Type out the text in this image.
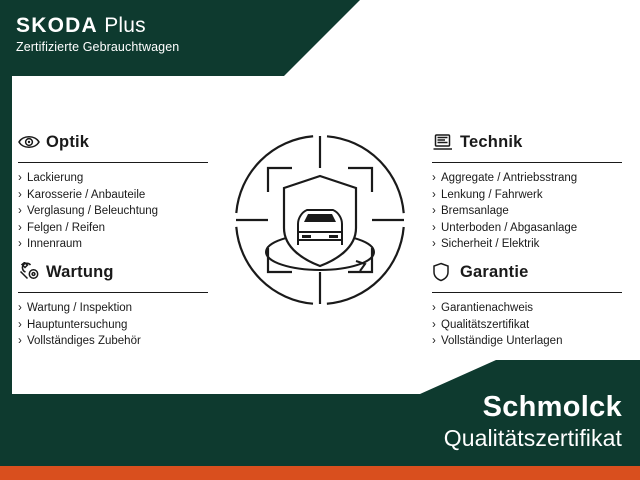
SKODA Plus
Zertifizierte Gebrauchtwagen
Optik
› Lackierung
› Karosserie / Anbauteile
› Verglasung / Beleuchtung
› Felgen / Reifen
› Innenraum
Technik
› Aggregate / Antriebsstrang
› Lenkung / Fahrwerk
› Bremsanlage
› Unterboden / Abgasanlage
› Sicherheit / Elektrik
Wartung
› Wartung / Inspektion
› Hauptuntersuchung
› Vollständiges Zubehör
Garantie
› Garantienachweis
› Qualitätszertifikat
› Vollständige Unterlagen
Schmolck
Qualitätszertifikat
